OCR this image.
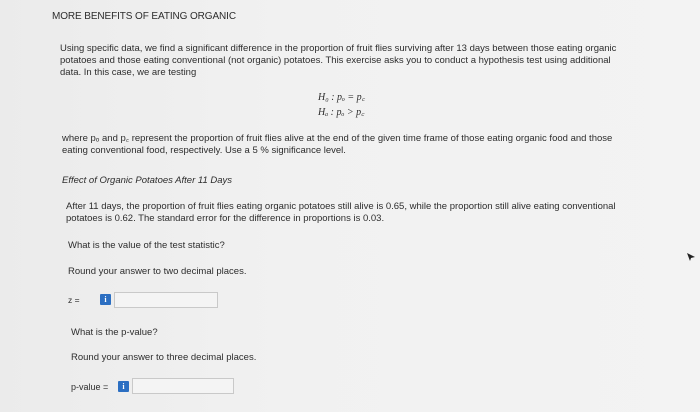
MORE BENEFITS OF EATING ORGANIC
Using specific data, we find a significant difference in the proportion of fruit flies surviving after 13 days between those eating organic
potatoes and those eating conventional (not organic) potatoes. This exercise asks you to conduct a hypothesis test using additional
data. In this case, we are testing
H₀ : pₒ = p꜀
Hₐ : pₒ > p꜀
where pₒ and p꜀ represent the proportion of fruit flies alive at the end of the given time frame of those eating organic food and those
eating conventional food, respectively. Use a 5 % significance level.
Effect of Organic Potatoes After 11 Days
After 11 days, the proportion of fruit flies eating organic potatoes still alive is 0.65, while the proportion still alive eating conventional
potatoes is 0.62. The standard error for the difference in proportions is 0.03.
What is the value of the test statistic?
Round your answer to two decimal places.
z =	i
What is the p-value?
Round your answer to three decimal places.
p-value =	i
